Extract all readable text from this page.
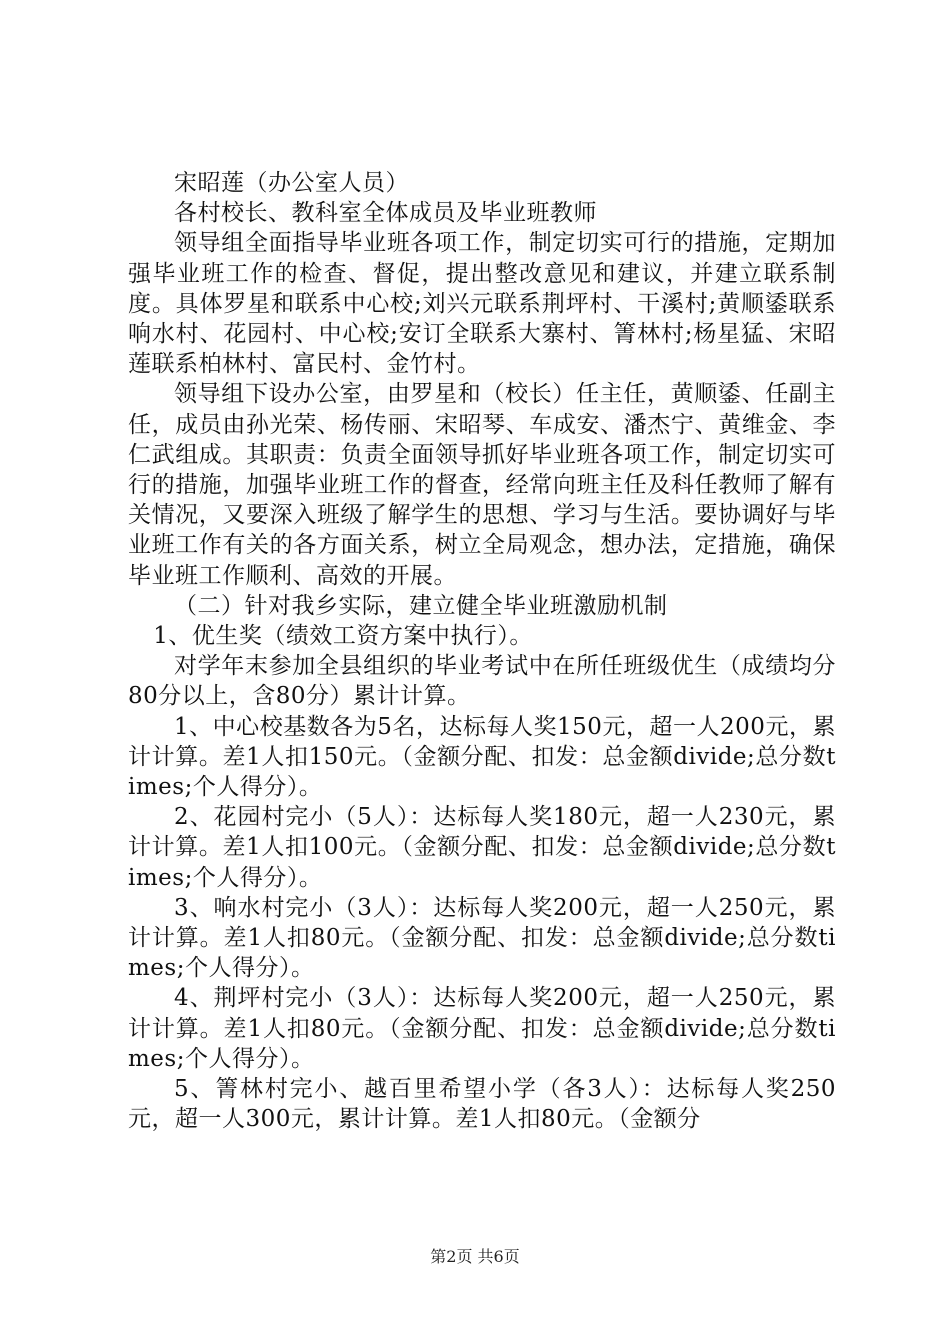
宋昭莲（办公室人员）

各村校长、教科室全体成员及毕业班教师

领导组全面指导毕业班各项工作，制定切实可行的措施，定期加强毕业班工作的检查、督促，提出整改意见和建议，并建立联系制度。具体罗星和联系中心校;刘兴元联系荆坪村、干溪村;黄顺鋈联系响水村、花园村、中心校;安订全联系大寨村、箐林村;杨星猛、宋昭莲联系柏林村、富民村、金竹村。

领导组下设办公室，由罗星和（校长）任主任，黄顺鋈、任副主任，成员由孙光荣、杨传丽、宋昭琴、车成安、潘杰宁、黄维金、李仁武组成。其职责：负责全面领导抓好毕业班各项工作，制定切实可行的措施，加强毕业班工作的督查，经常向班主任及科任教师了解有关情况，又要深入班级了解学生的思想、学习与生活。要协调好与毕业班工作有关的各方面关系，树立全局观念，想办法，定措施，确保毕业班工作顺利、高效的开展。

（二）针对我乡实际，建立健全毕业班激励机制

1、优生奖（绩效工资方案中执行）。

对学年末参加全县组织的毕业考试中在所任班级优生（成绩均分80分以上，含80分）累计计算。

1、中心校基数各为5名，达标每人奖150元，超一人200元，累计计算。差1人扣150元。（金额分配、扣发：总金额divide;总分数times;个人得分）。

2、花园村完小（5人）：达标每人奖180元，超一人230元，累计计算。差1人扣100元。（金额分配、扣发：总金额divide;总分数times;个人得分）。

3、响水村完小（3人）：达标每人奖200元，超一人250元，累计计算。差1人扣80元。（金额分配、扣发：总金额divide;总分数times;个人得分）。

4、荆坪村完小（3人）：达标每人奖200元，超一人250元，累计计算。差1人扣80元。（金额分配、扣发：总金额divide;总分数times;个人得分）。

5、箐林村完小、越百里希望小学（各3人）：达标每人奖250元，超一人300元，累计计算。差1人扣80元。（金额分

第2页 共6页
